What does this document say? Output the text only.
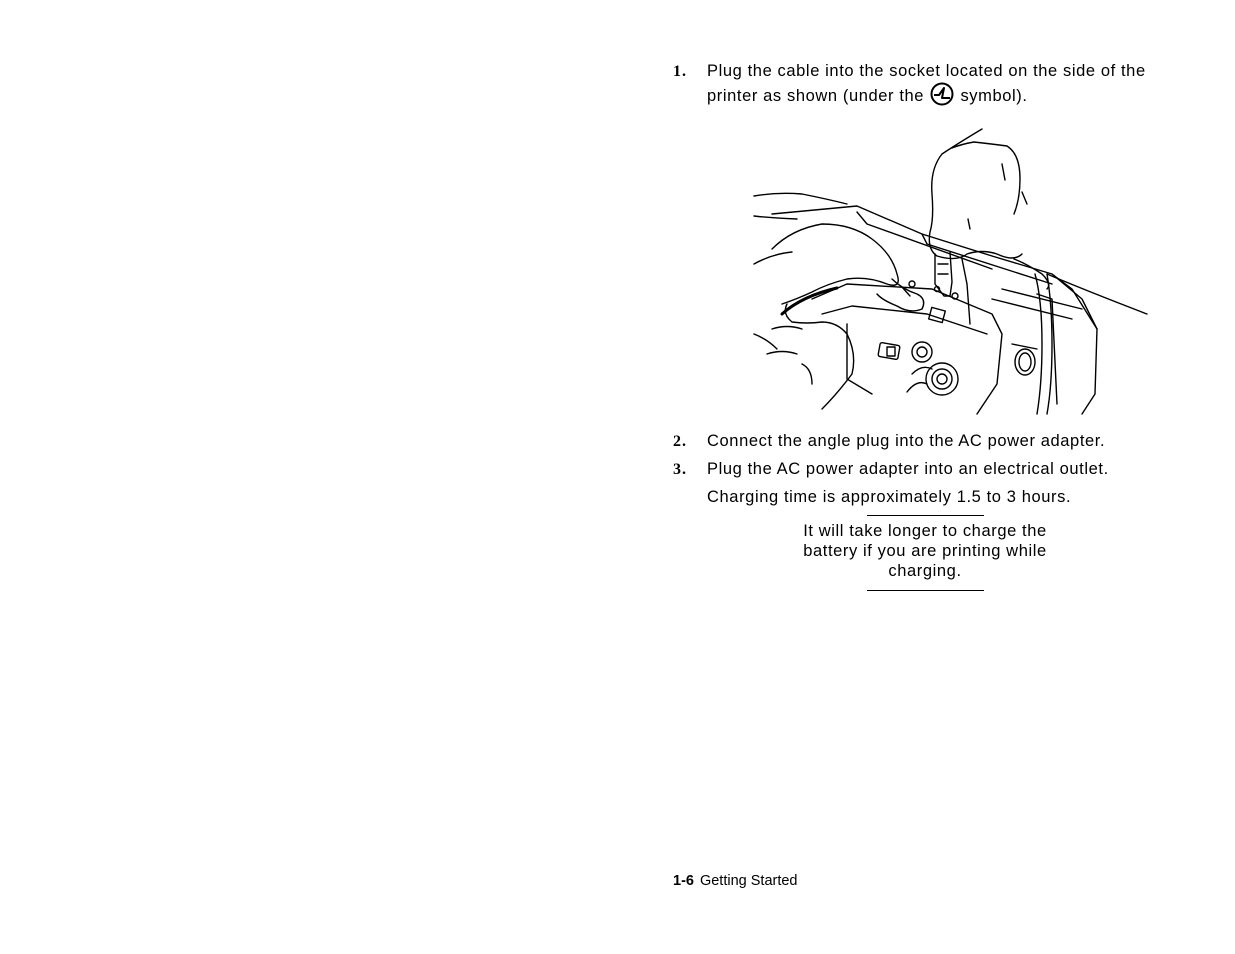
1. Plug the cable into the socket located on the side of the printer as shown (under the symbol).
2. Connect the angle plug into the AC power adapter.
3. Plug the AC power adapter into an electrical outlet.
Charging time is approximately 1.5 to 3 hours.
It will take longer to charge the battery if you are printing while charging.
1-6 Getting Started
